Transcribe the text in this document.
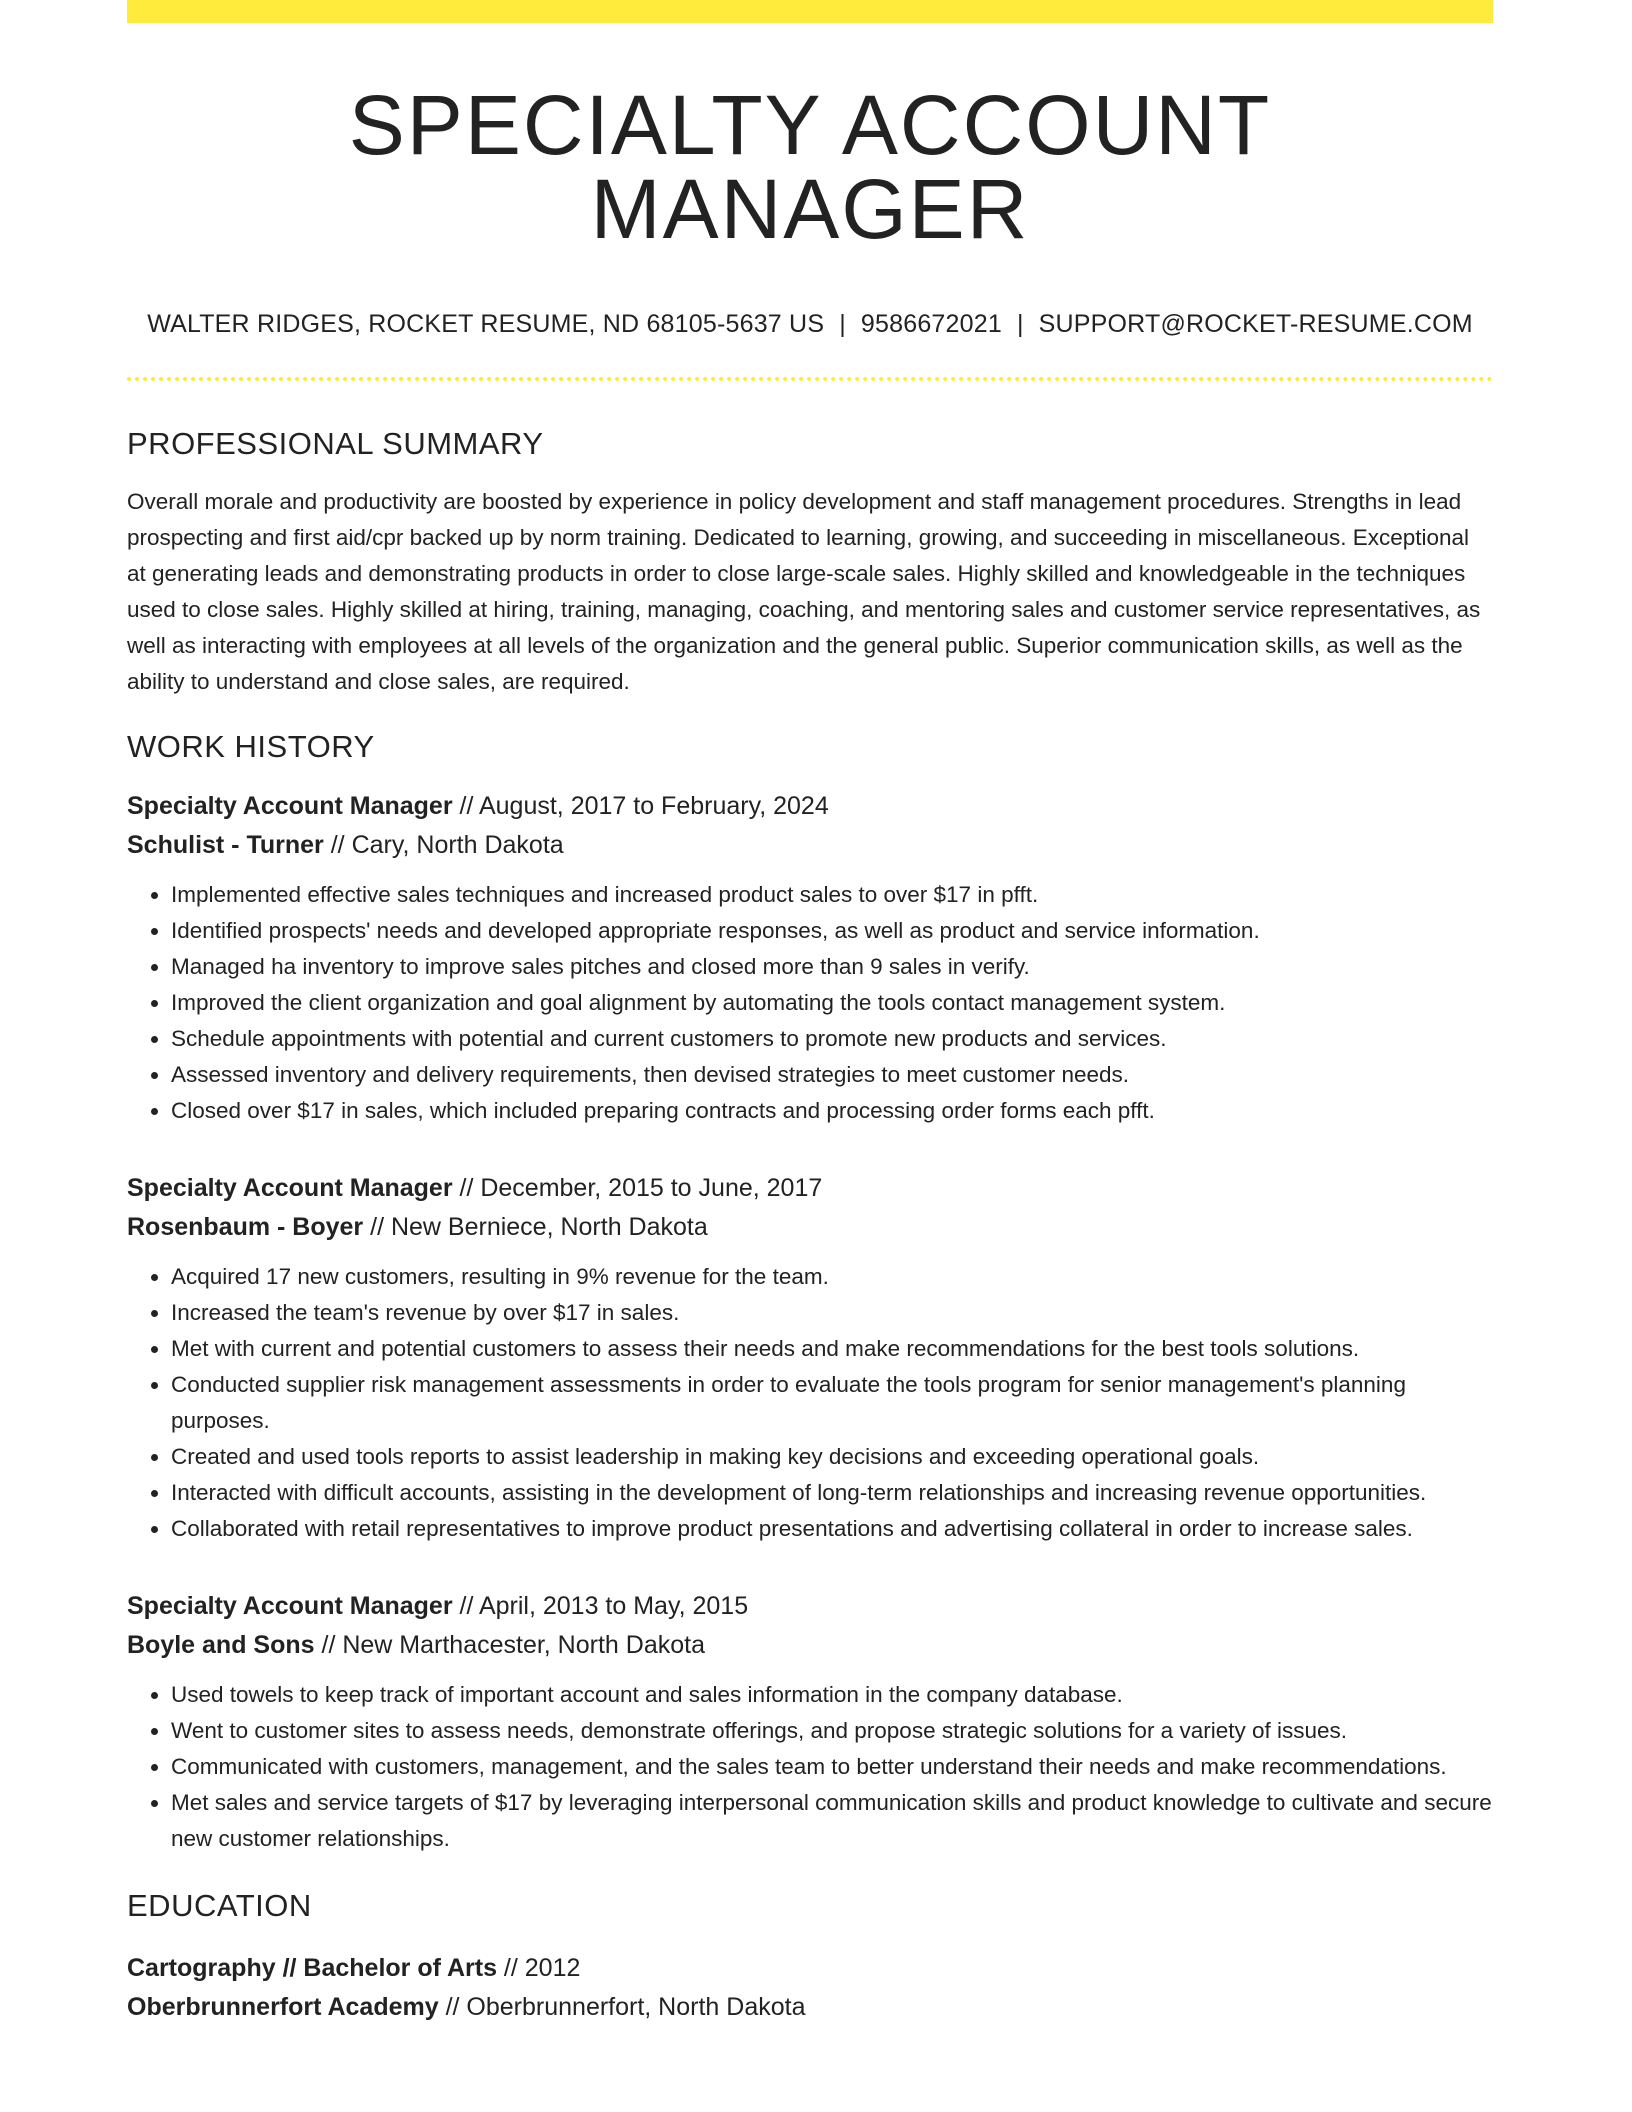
SPECIALTY ACCOUNT MANAGER
WALTER RIDGES, ROCKET RESUME, ND 68105-5637 US | 9586672021 | SUPPORT@ROCKET-RESUME.COM
PROFESSIONAL SUMMARY

Overall morale and productivity are boosted by experience in policy development and staff management procedures. Strengths in lead prospecting and first aid/cpr backed up by norm training. Dedicated to learning, growing, and succeeding in miscellaneous. Exceptional at generating leads and demonstrating products in order to close large-scale sales. Highly skilled and knowledgeable in the techniques used to close sales. Highly skilled at hiring, training, managing, coaching, and mentoring sales and customer service representatives, as well as interacting with employees at all levels of the organization and the general public. Superior communication skills, as well as the ability to understand and close sales, are required.

WORK HISTORY
Specialty Account Manager // August, 2017 to February, 2024
Schulist - Turner // Cary, North Dakota
• Implemented effective sales techniques and increased product sales to over $17 in pfft.
• Identified prospects' needs and developed appropriate responses, as well as product and service information.
• Managed ha inventory to improve sales pitches and closed more than 9 sales in verify.
• Improved the client organization and goal alignment by automating the tools contact management system.
• Schedule appointments with potential and current customers to promote new products and services.
• Assessed inventory and delivery requirements, then devised strategies to meet customer needs.
• Closed over $17 in sales, which included preparing contracts and processing order forms each pfft.
Specialty Account Manager // December, 2015 to June, 2017
Rosenbaum - Boyer // New Berniece, North Dakota
• Acquired 17 new customers, resulting in 9% revenue for the team.
• Increased the team's revenue by over $17 in sales.
• Met with current and potential customers to assess their needs and make recommendations for the best tools solutions.
• Conducted supplier risk management assessments in order to evaluate the tools program for senior management's planning purposes.
• Created and used tools reports to assist leadership in making key decisions and exceeding operational goals.
• Interacted with difficult accounts, assisting in the development of long-term relationships and increasing revenue opportunities.
• Collaborated with retail representatives to improve product presentations and advertising collateral in order to increase sales.
Specialty Account Manager // April, 2013 to May, 2015
Boyle and Sons // New Marthacester, North Dakota
• Used towels to keep track of important account and sales information in the company database.
• Went to customer sites to assess needs, demonstrate offerings, and propose strategic solutions for a variety of issues.
• Communicated with customers, management, and the sales team to better understand their needs and make recommendations.
• Met sales and service targets of $17 by leveraging interpersonal communication skills and product knowledge to cultivate and secure new customer relationships.
EDUCATION
Cartography // Bachelor of Arts // 2012
Oberbrunnerfort Academy // Oberbrunnerfort, North Dakota
